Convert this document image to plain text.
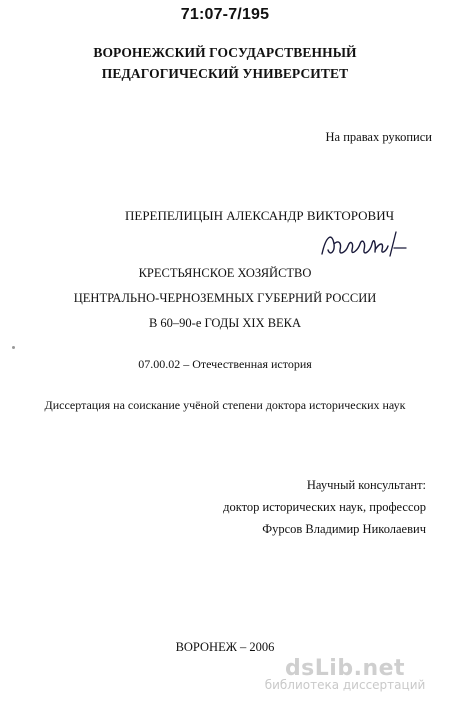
71:07-7/195
ВОРОНЕЖСКИЙ ГОСУДАРСТВЕННЫЙ
ПЕДАГОГИЧЕСКИЙ УНИВЕРСИТЕТ
На правах рукописи
ПЕРЕПЕЛИЦЫН АЛЕКСАНДР ВИКТОРОВИЧ
КРЕСТЬЯНСКОЕ ХОЗЯЙСТВО
ЦЕНТРАЛЬНО-ЧЕРНОЗЕМНЫХ ГУБЕРНИЙ РОССИИ
В 60–90-е ГОДЫ XIX ВЕКА
07.00.02 – Отечественная история
Диссертация на соискание учёной степени доктора исторических наук
Научный консультант:
доктор исторических наук, профессор
Фурсов Владимир Николаевич
ВОРОНЕЖ – 2006
dsLib.net
библиотека диссертаций
